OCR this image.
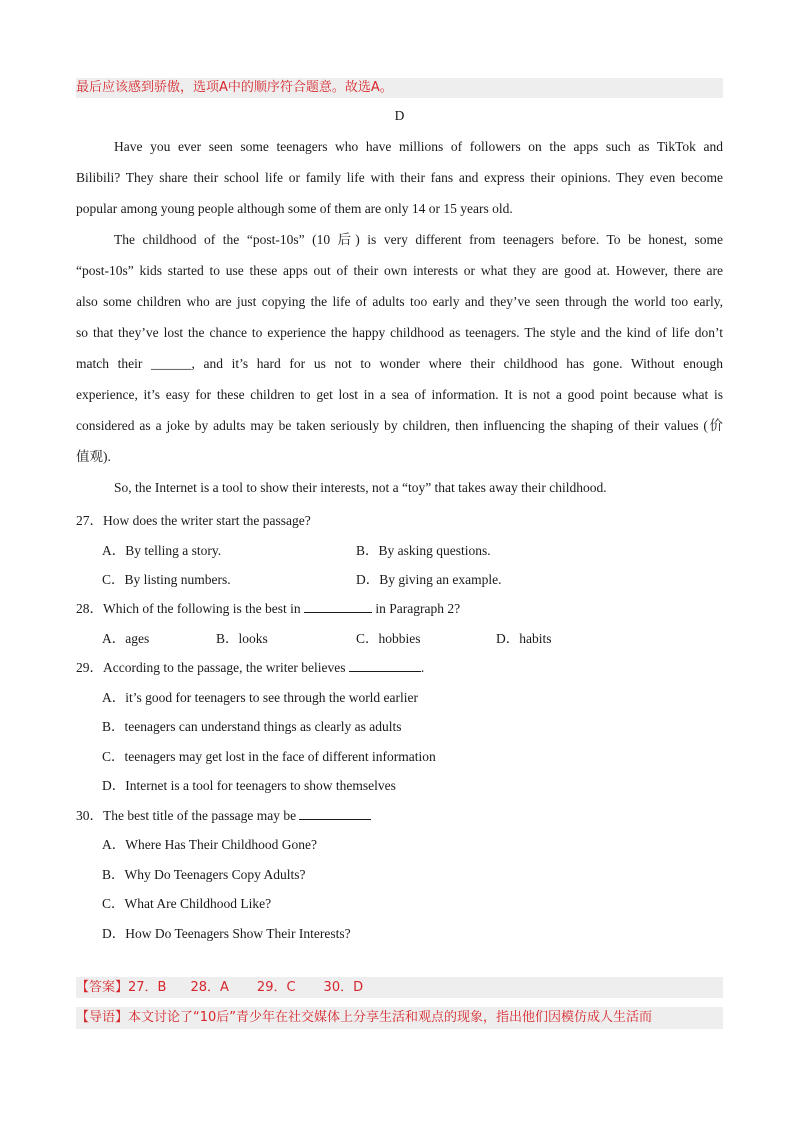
最后应该感到骄傲，选项A中的顺序符合题意。故选A。
D
Have you ever seen some teenagers who have millions of followers on the apps such as TikTok and
Bilibili? They share their school life or family life with their fans and express their opinions. They even become
popular among young people although some of them are only 14 or 15 years old.
The childhood of the “post-10s” (10 后) is very different from teenagers before. To be honest, some
“post-10s” kids started to use these apps out of their own interests or what they are good at. However, there are
also some children who are just copying the life of adults too early and they’ve seen through the world too early,
so that they’ve lost the chance to experience the happy childhood as teenagers. The style and the kind of life don’t
match their ______, and it’s hard for us not to wonder where their childhood has gone. Without enough
experience, it’s easy for these children to get lost in a sea of information. It is not a good point because what is
considered as a joke by adults may be taken seriously by children, then influencing the shaping of their values (价
值观).
So, the Internet is a tool to show their interests, not a “toy” that takes away their childhood.
27．How does the writer start the passage?
A．By telling a story.	B．By asking questions.
C．By listing numbers.	D．By giving an example.
28．Which of the following is the best in	in Paragraph 2?
A．ages	B．looks	C．hobbies	D．habits
29．According to the passage, the writer believes	.
A．it’s good for teenagers to see through the world earlier
B．teenagers can understand things as clearly as adults
C．teenagers may get lost in the face of different information
D．Internet is a tool for teenagers to show themselves
30．The best title of the passage may be
A．Where Has Their Childhood Gone?
B．Why Do Teenagers Copy Adults?
C．What Are Childhood Like?
D．How Do Teenagers Show Their Interests?
【答案】27．B 28．A 29．C 30．D
【导语】本文讨论了“10后”青少年在社交媒体上分享生活和观点的现象，指出他们因模仿成人生活而
